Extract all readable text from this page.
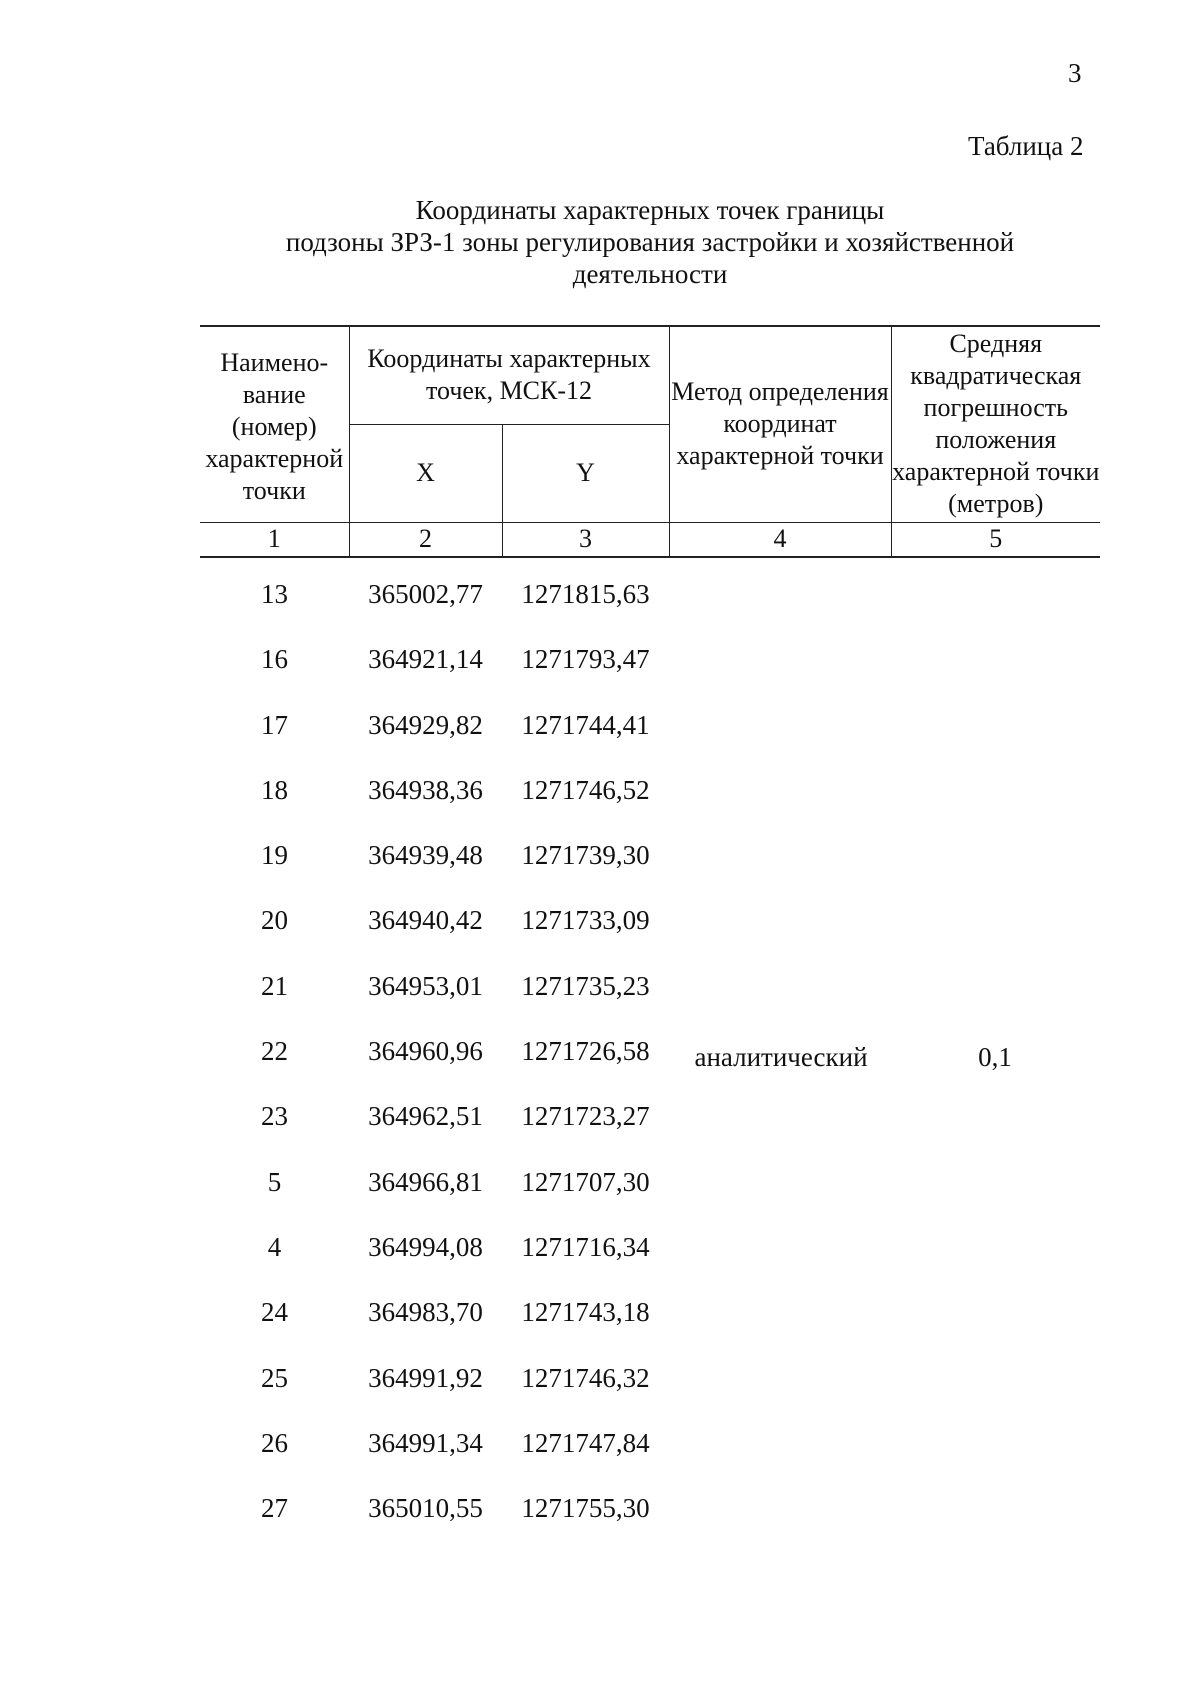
3
Таблица 2
Координаты характерных точек границы
подзоны ЗРЗ-1 зоны регулирования застройки и хозяйственной
деятельности
Наимено-вание (номер) характерной точки	Координаты характерных точек, МСК-12		Метод определения координат характерной точки	Средняя квадратическая погрешность положения характерной точки (метров)
	X	Y		
1	2	3	4	5
13	365002,77	1271815,63
16	364921,14	1271793,47
17	364929,82	1271744,41
18	364938,36	1271746,52
19	364939,48	1271739,30
20	364940,42	1271733,09
21	364953,01	1271735,23
22	364960,96	1271726,58
23	364962,51	1271723,27
5	364966,81	1271707,30
4	364994,08	1271716,34
24	364983,70	1271743,18
25	364991,92	1271746,32
26	364991,34	1271747,84
27	365010,55	1271755,30
аналитический	0,1
